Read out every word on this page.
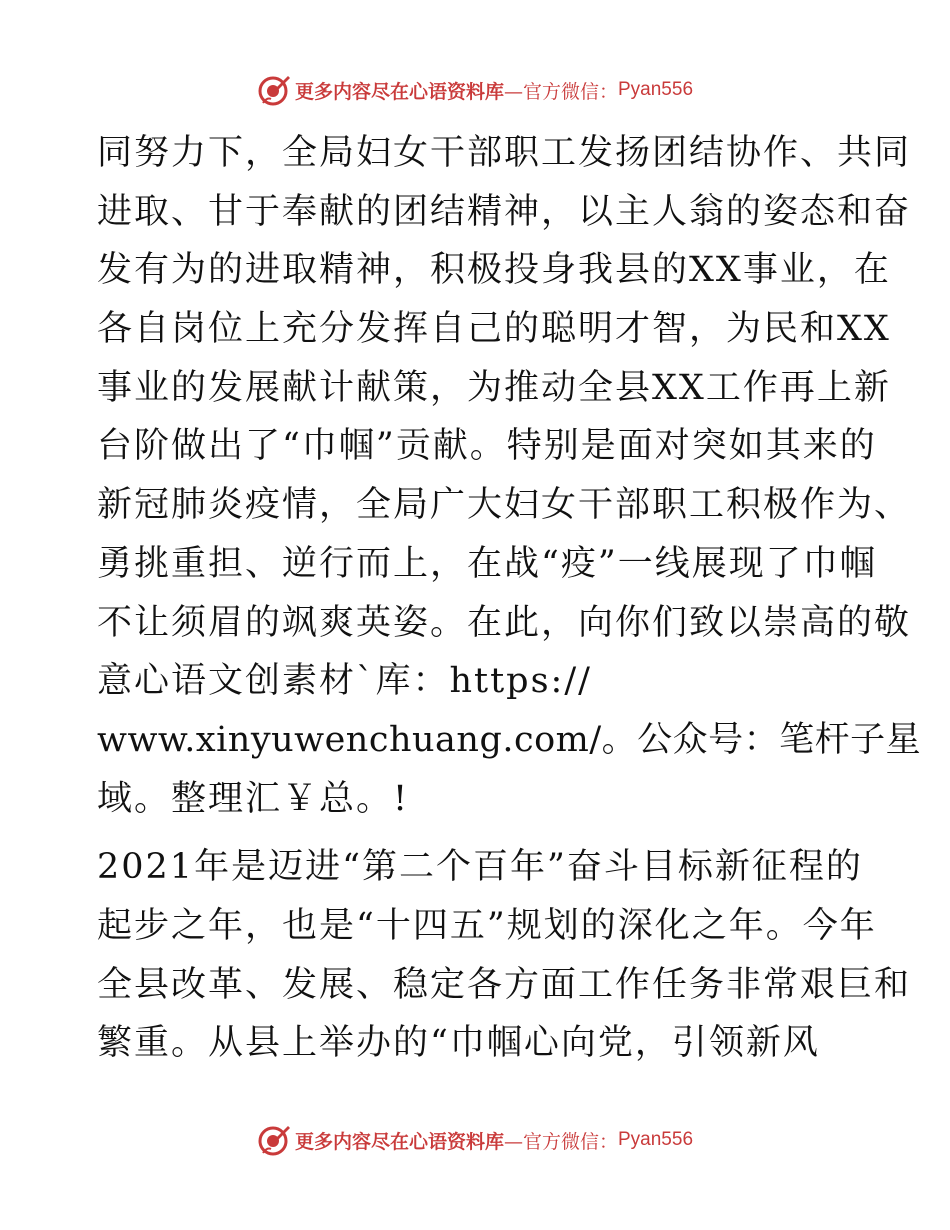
更多内容尽在心语资料库 —官方微信： Pyan556
同努力下，全局妇女干部职工发扬团结协作、共同
进取、甘于奉献的团结精神，以主人翁的姿态和奋
发有为的进取精神，积极投身我县的XX事业，在
各自岗位上充分发挥自己的聪明才智，为民和XX
事业的发展献计献策，为推动全县XX工作再上新
台阶做出了“巾帼”贡献。特别是面对突如其来的
新冠肺炎疫情，全局广大妇女干部职工积极作为、
勇挑重担、逆行而上，在战“疫”一线展现了巾帼
不让须眉的飒爽英姿。在此，向你们致以崇高的敬
意心语文创素材`库：https://
www.xinyuwenchuang.com/。公众号：笔杆子星
域。整理汇￥总。!
2021年是迈进“第二个百年”奋斗目标新征程的
起步之年，也是“十四五”规划的深化之年。今年
全县改革、发展、稳定各方面工作任务非常艰巨和
繁重。从县上举办的“巾帼心向党，引领新风
更多内容尽在心语资料库 —官方微信： Pyan556
